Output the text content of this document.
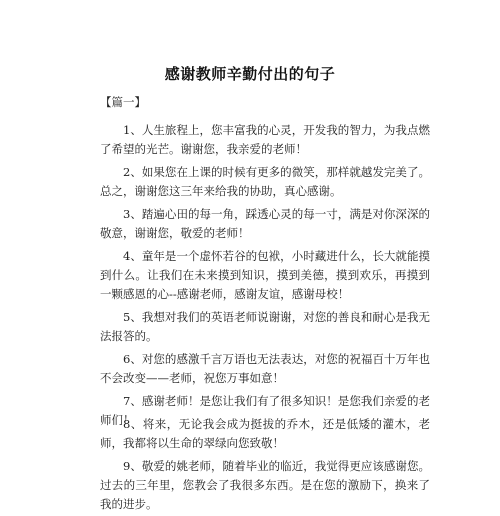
感谢教师辛勤付出的句子
【篇一】
1、人生旅程上，您丰富我的心灵，开发我的智力，为我点燃了希望的光芒。谢谢您，我亲爱的老师！
2、如果您在上课的时候有更多的微笑，那样就越发完美了。总之，谢谢您这三年来给我的协助，真心感谢。
3、踏遍心田的每一角，踩透心灵的每一寸，满是对你深深的敬意，谢谢您，敬爱的老师！
4、童年是一个虚怀若谷的包袱，小时藏进什么，长大就能摸到什么。让我们在未来摸到知识，摸到美德，摸到欢乐，再摸到一颗感恩的心--感谢老师，感谢友谊，感谢母校！
5、我想对我们的英语老师说谢谢，对您的善良和耐心是我无法报答的。
6、对您的感激千言万语也无法表达，对您的祝福百十万年也不会改变——老师，祝您万事如意！
7、感谢老师！是您让我们有了很多知识！是您我们亲爱的老师们！
8、将来，无论我会成为挺拔的乔木，还是低矮的灌木，老师，我都将以生命的翠绿向您致敬！
9、敬爱的姚老师，随着毕业的临近，我觉得更应该感谢您。过去的三年里，您教会了我很多东西。是在您的激励下，换来了我的进步。
